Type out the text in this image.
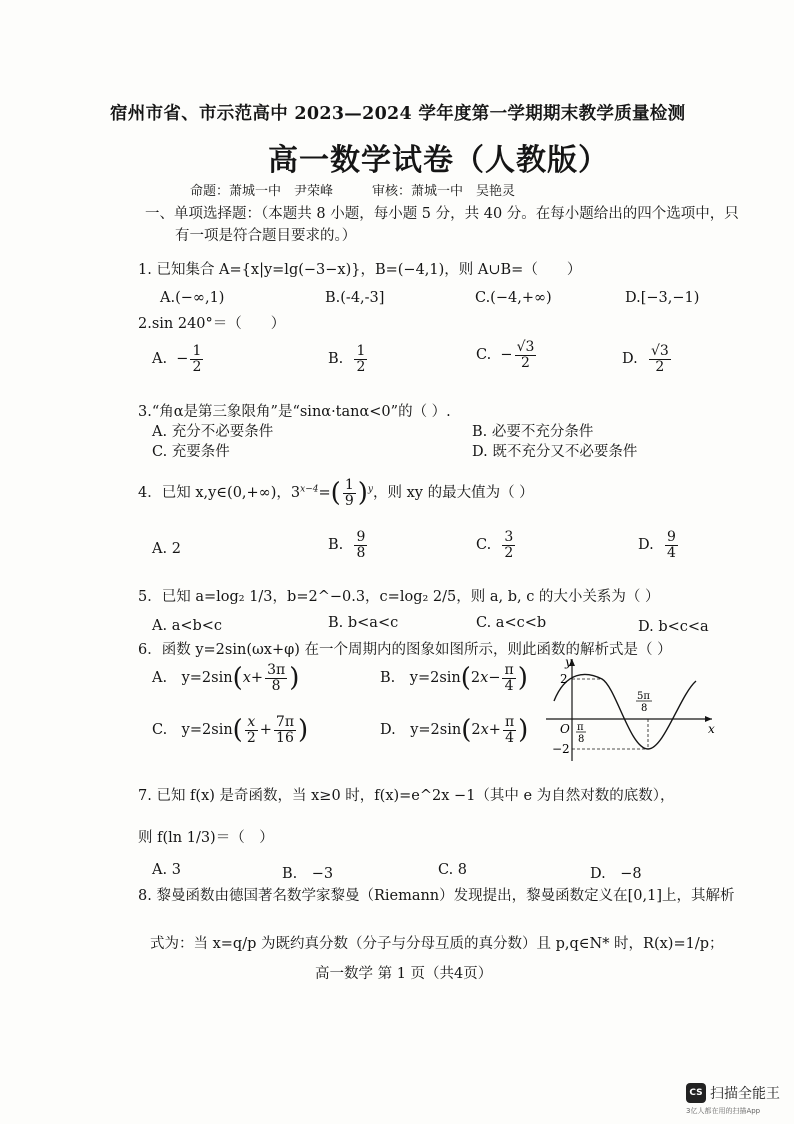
宿州市省、市示范高中 2023—2024 学年度第一学期期末教学质量检测
高一数学试卷（人教版）
命题：萧城一中　尹荣峰　　　审核：萧城一中　吴艳灵
一、单项选择题：（本题共 8 小题，每小题 5 分，共 40 分。在每小题给出的四个选项中，只
有一项是符合题目要求的。）
1. 已知集合 A={x|y=lg(−3−x)}，B=(−4,1)，则 A∪B=（　　）
A.(−∞,1)	B.(-4,-3]	C.(−4,+∞)	D.[−3,−1)
2.sin 240°＝（　　）
A.  − $\frac{1}{2}$	B. $\frac{1}{2}$	C.  − $\frac{√3}{2}$	D. $\frac{√3}{2}$
3.“角α是第三象限角”是“sinα·tanα<0”的（ ）.
A. 充分不必要条件	B. 必要不充分条件
C. 充要条件	D. 既不充分又不必要条件
4．已知 x,y∈(0,+∞)，$3^{x-4}=( \frac{1}{9} )^y$，则 xy 的最大值为（ ）
A. 2	B. $\frac{9}{8}$	C. $\frac{3}{2}$	D. $\frac{9}{4}$
5．已知 a=log₂ 1/3，b=2^−0.3，c=log₂ 2/5，则 a, b, c 的大小关系为（ ）
A. a<b<c	B. b<a<c	C. a<c<b	D. b<c<a
6．函数 y=2sin(ωx+φ) 在一个周期内的图象如图所示，则此函数的解析式是（ ）
A.　$y=2\sin(x+ \frac{3\pi}{8}$ )	B.　$y=2\sin(2x- \frac{\pi}{4}$ )
C.　$y=2\sin( \frac{x}{2} + \frac{7\pi}{16}$ )	D.　$y=2\sin(2x+ \frac{\pi}{4}$ )
y
x
O
2
−2
π
8
5π
8
7. 已知 f(x) 是奇函数，当 x≥0 时，f(x)=e^2x −1（其中 e 为自然对数的底数），
则 f(ln 1/3)＝（　）
A. 3	B.　−3	C. 8	D.　−8
8. 黎曼函数由德国著名数学家黎曼（Riemann）发现提出，黎曼函数定义在[0,1]上，其解析
式为：当 x=q/p 为既约真分数（分子与分母互质的真分数）且 p,q∈N* 时，R(x)=1/p；
高一数学 第 1 页（共4页）
CS 扫描全能王
3亿人都在用的扫描App
